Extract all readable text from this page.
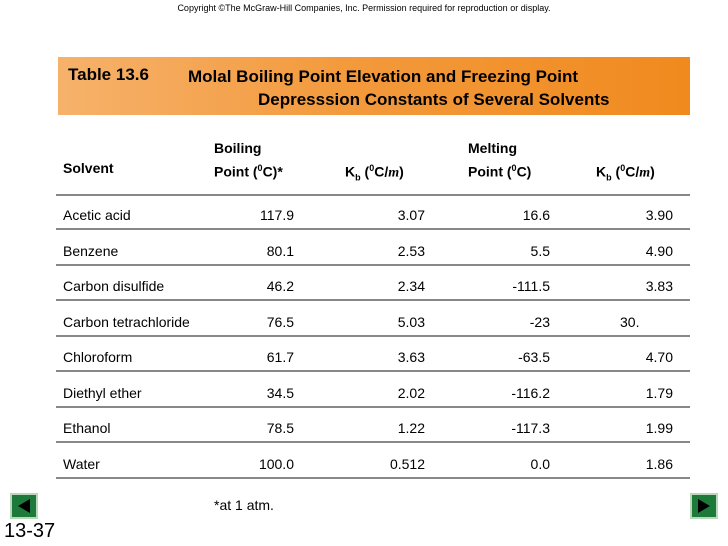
Copyright ©The McGraw-Hill Companies, Inc. Permission required for reproduction or display.
Table 13.6 Molal Boiling Point Elevation and Freezing Point
Depresssion Constants of Several Solvents
Solvent
Boiling
Point ($^0$C)*	$K_b$ ($^0$C/m)
Melting
Point ($^0$C)	$K_b$ ($^0$C/m)
Acetic acid	117.9	3.07	16.6	3.90
Benzene	80.1	2.53	5.5	4.90
Carbon disulfide	46.2	2.34	-111.5	3.83
Carbon tetrachloride	76.5	5.03	-23	30.
Chloroform	61.7	3.63	-63.5	4.70
Diethyl ether	34.5	2.02	-116.2	1.79
Ethanol	78.5	1.22	-117.3	1.99
Water	100.0	0.512	0.0	1.86
*at 1 atm.
13-37
